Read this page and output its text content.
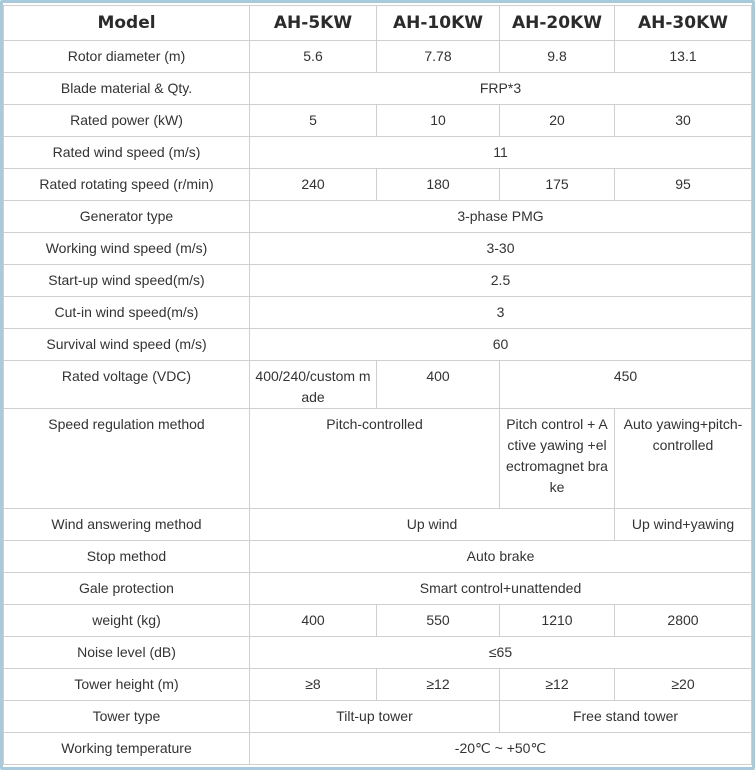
Model	AH-5KW	AH-10KW	AH-20KW	AH-30KW
Rotor diameter (m)	5.6	7.78	9.8	13.1
Blade material & Qty.	FRP*3			
Rated power (kW)	5	10	20	30
Rated wind speed (m/s)	11			
Rated rotating speed (r/min)	240	180	175	95
Generator type	3-phase PMG			
Working wind speed (m/s)	3-30			
Start-up wind speed(m/s)	2.5			
Cut-in wind speed(m/s)	3			
Survival wind speed (m/s)	60			
Rated voltage (VDC)	400/240/custom made	400	450	
Speed regulation method	Pitch-controlled		Pitch control + Active yawing +electromagnet brake	Auto yawing+pitch-controlled
Wind answering method	Up wind			Up wind+yawing
Stop method	Auto brake			
Gale protection	Smart control+unattended			
weight (kg)	400	550	1210	2800
Noise level (dB)	≤65			
Tower height (m)	≥8	≥12	≥12	≥20
Tower type	Tilt-up tower		Free stand tower	
Working temperature	-20℃ ~ +50℃			
